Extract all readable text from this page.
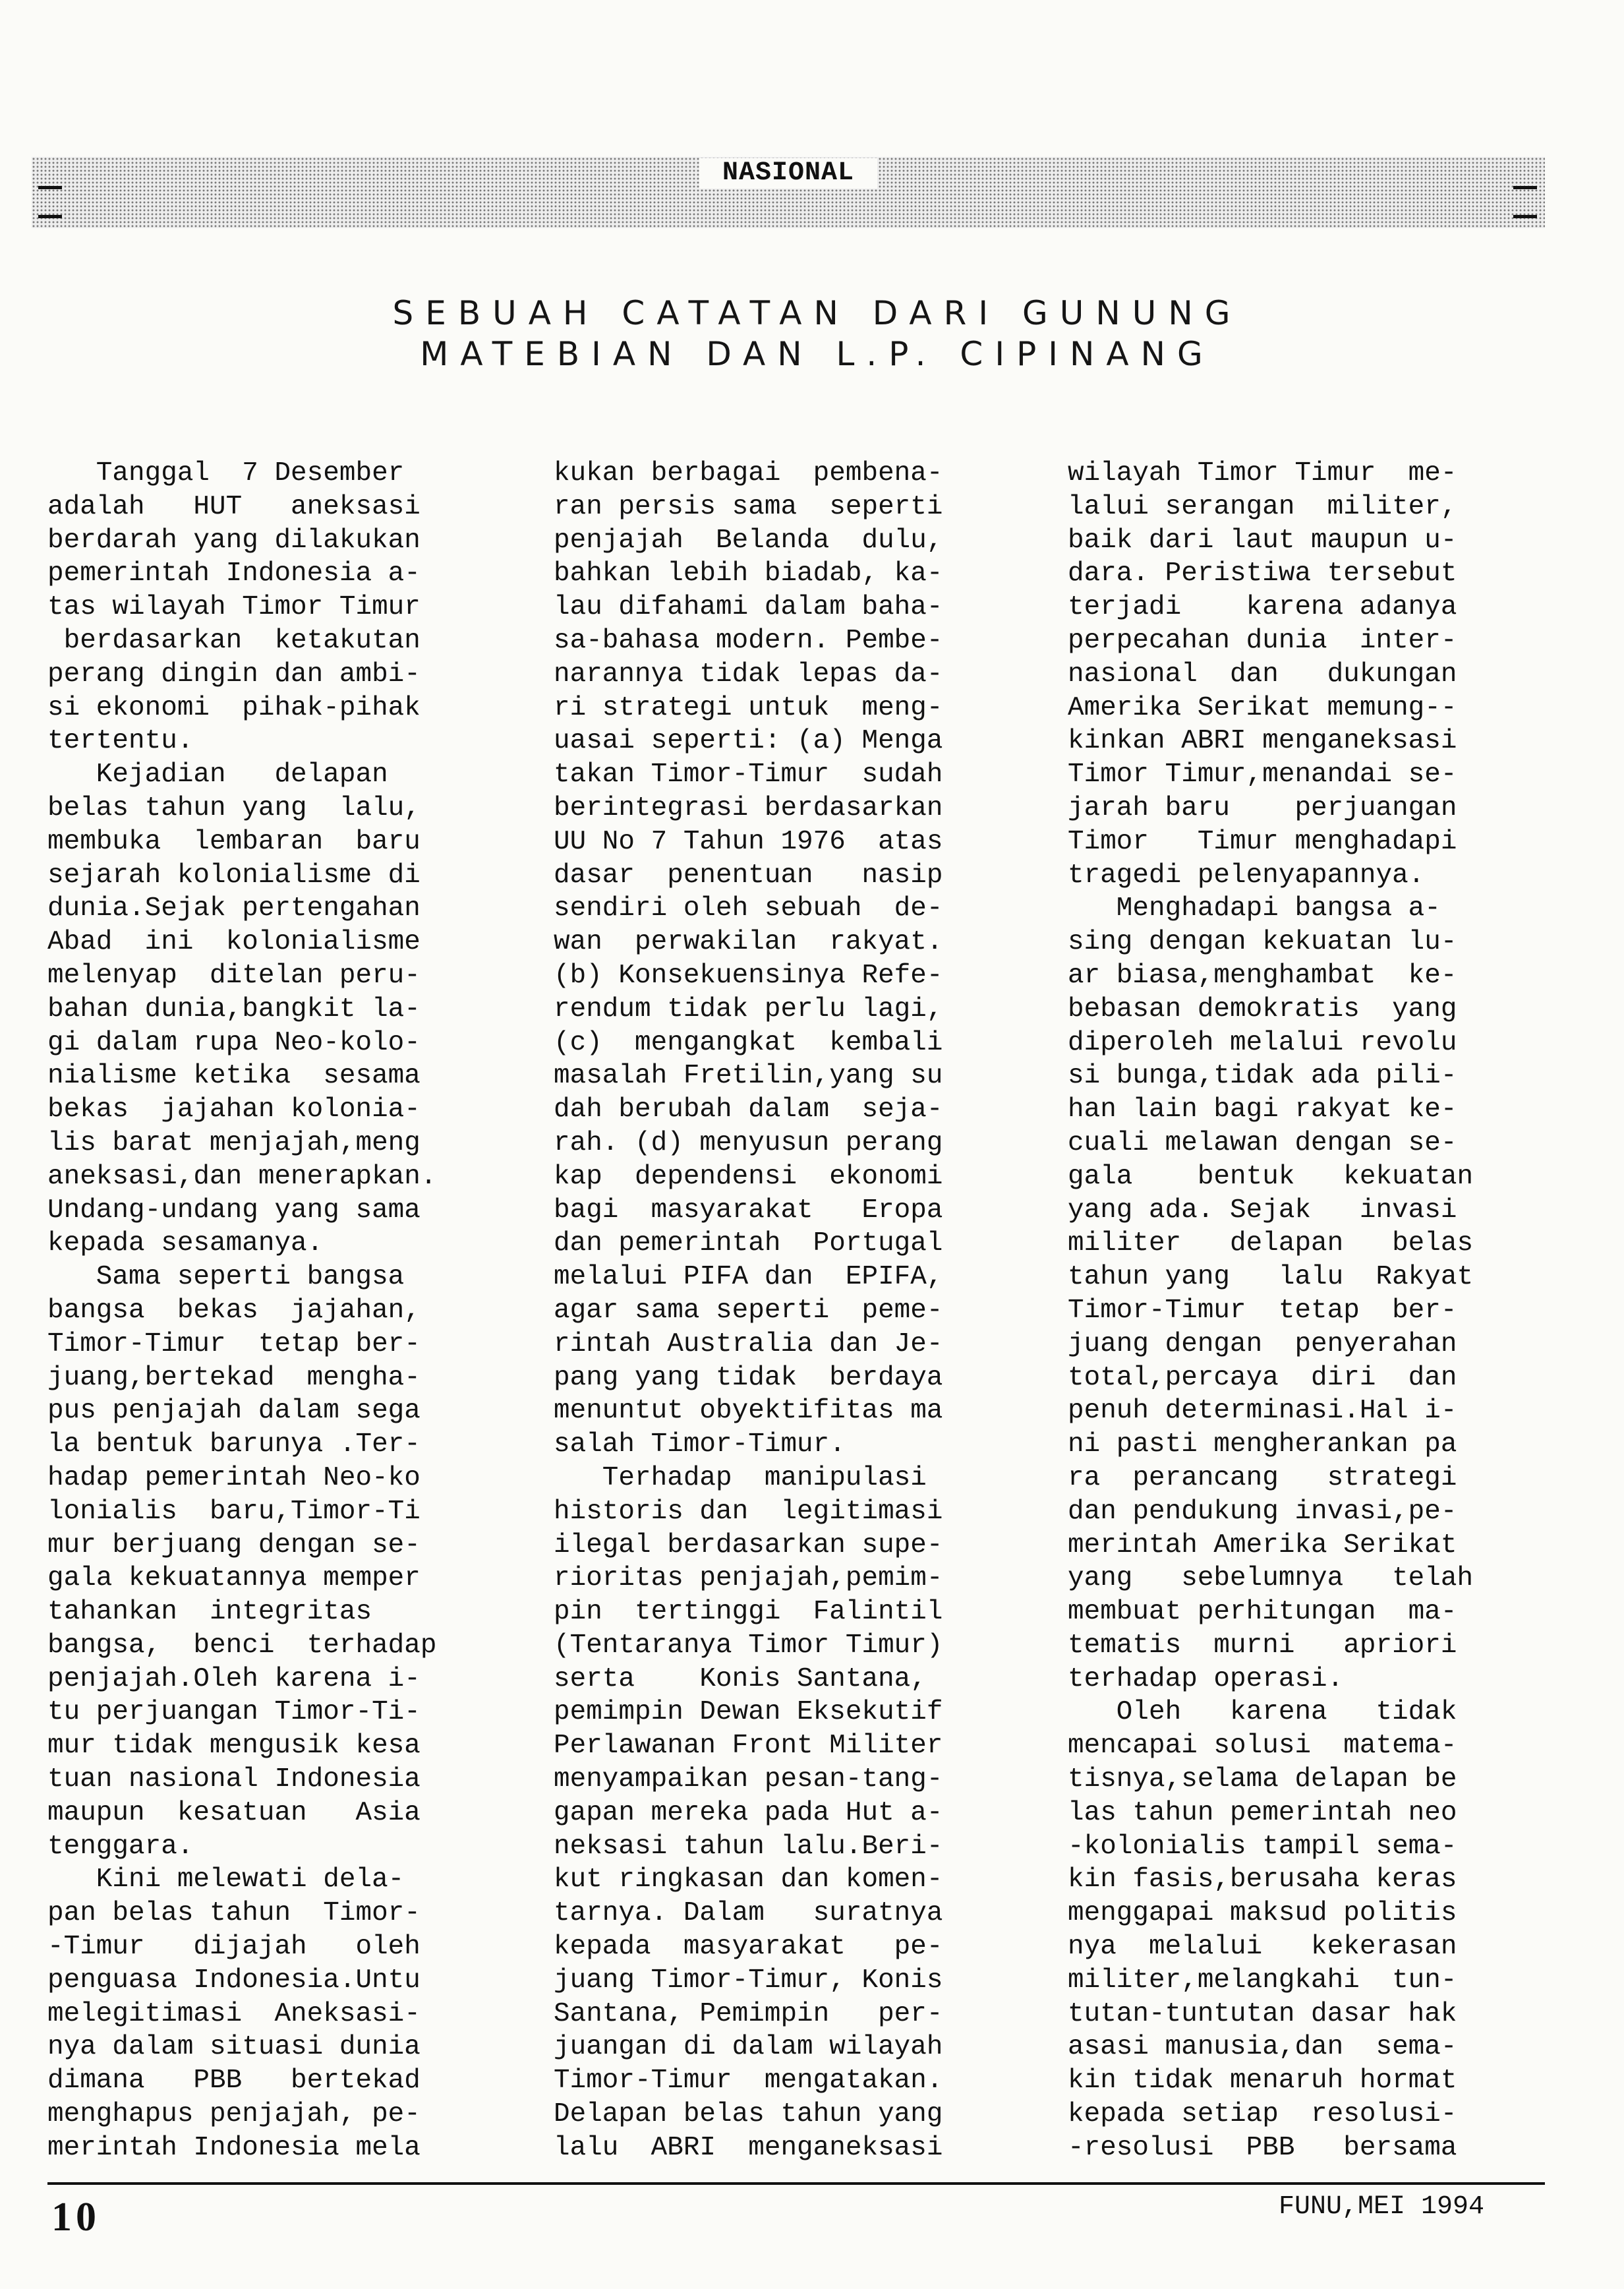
NASIONAL
SEBUAH CATATAN DARI GUNUNG
MATEBIAN DAN L.P. CIPINANG
Tanggal  7 Desember
adalah   HUT   aneksasi
berdarah yang dilakukan
pemerintah Indonesia a-
tas wilayah Timor Timur
berdasarkan  ketakutan
perang dingin dan ambi-
si ekonomi  pihak-pihak
tertentu.
Kejadian   delapan
belas tahun yang  lalu,
membuka  lembaran  baru
sejarah kolonialisme di
dunia.Sejak pertengahan
Abad  ini  kolonialisme
melenyap  ditelan peru-
bahan dunia,bangkit la-
gi dalam rupa Neo-kolo-
nialisme ketika  sesama
bekas  jajahan kolonia-
lis barat menjajah,meng
aneksasi,dan menerapkan.
Undang-undang yang sama
kepada sesamanya.
Sama seperti bangsa
bangsa  bekas  jajahan,
Timor-Timur  tetap ber-
juang,bertekad  mengha-
pus penjajah dalam sega
la bentuk barunya .Ter-
hadap pemerintah Neo-ko
lonialis  baru,Timor-Ti
mur berjuang dengan se-
gala kekuatannya memper
tahankan  integritas
bangsa,  benci  terhadap
penjajah.Oleh karena i-
tu perjuangan Timor-Ti-
mur tidak mengusik kesa
tuan nasional Indonesia
maupun  kesatuan   Asia
tenggara.
Kini melewati dela-
pan belas tahun  Timor-
-Timur   dijajah   oleh
penguasa Indonesia.Untu
melegitimasi  Aneksasi-
nya dalam situasi dunia
dimana   PBB   bertekad
menghapus penjajah, pe-
merintah Indonesia mela
kukan berbagai  pembena-
ran persis sama  seperti
penjajah  Belanda  dulu,
bahkan lebih biadab, ka-
lau difahami dalam baha-
sa-bahasa modern. Pembe-
narannya tidak lepas da-
ri strategi untuk  meng-
uasai seperti: (a) Menga
takan Timor-Timur  sudah
berintegrasi berdasarkan
UU No 7 Tahun 1976  atas
dasar  penentuan   nasip
sendiri oleh sebuah  de-
wan  perwakilan  rakyat.
(b) Konsekuensinya Refe-
rendum tidak perlu lagi,
(c)  mengangkat  kembali
masalah Fretilin,yang su
dah berubah dalam  seja-
rah. (d) menyusun perang
kap  dependensi  ekonomi
bagi  masyarakat   Eropa
dan pemerintah  Portugal
melalui PIFA dan  EPIFA,
agar sama seperti  peme-
rintah Australia dan Je-
pang yang tidak  berdaya
menuntut obyektifitas ma
salah Timor-Timur.
Terhadap  manipulasi
historis dan  legitimasi
ilegal berdasarkan supe-
rioritas penjajah,pemim-
pin  tertinggi  Falintil
(Tentaranya Timor Timur)
serta    Konis Santana,
pemimpin Dewan Eksekutif
Perlawanan Front Militer
menyampaikan pesan-tang-
gapan mereka pada Hut a-
neksasi tahun lalu.Beri-
kut ringkasan dan komen-
tarnya. Dalam   suratnya
kepada  masyarakat   pe-
juang Timor-Timur, Konis
Santana, Pemimpin   per-
juangan di dalam wilayah
Timor-Timur  mengatakan.
Delapan belas tahun yang
lalu  ABRI  menganeksasi
wilayah Timor Timur  me-
lalui serangan  militer,
baik dari laut maupun u-
dara. Peristiwa tersebut
terjadi    karena adanya
perpecahan dunia  inter-
nasional  dan   dukungan
Amerika Serikat memung--
kinkan ABRI menganeksasi
Timor Timur,menandai se-
jarah baru    perjuangan
Timor   Timur menghadapi
tragedi pelenyapannya.
Menghadapi bangsa a-
sing dengan kekuatan lu-
ar biasa,menghambat  ke-
bebasan demokratis  yang
diperoleh melalui revolu
si bunga,tidak ada pili-
han lain bagi rakyat ke-
cuali melawan dengan se-
gala    bentuk   kekuatan
yang ada. Sejak   invasi
militer   delapan   belas
tahun yang   lalu  Rakyat
Timor-Timur  tetap  ber-
juang dengan  penyerahan
total,percaya  diri  dan
penuh determinasi.Hal i-
ni pasti mengherankan pa
ra  perancang   strategi
dan pendukung invasi,pe-
merintah Amerika Serikat
yang   sebelumnya   telah
membuat perhitungan  ma-
tematis  murni   apriori
terhadap operasi.
Oleh   karena   tidak
mencapai solusi  matema-
tisnya,selama delapan be
las tahun pemerintah neo
-kolonialis tampil sema-
kin fasis,berusaha keras
menggapai maksud politis
nya  melalui   kekerasan
militer,melangkahi  tun-
tutan-tuntutan dasar hak
asasi manusia,dan  sema-
kin tidak menaruh hormat
kepada setiap  resolusi-
-resolusi  PBB   bersama
10	FUNU,MEI 1994
